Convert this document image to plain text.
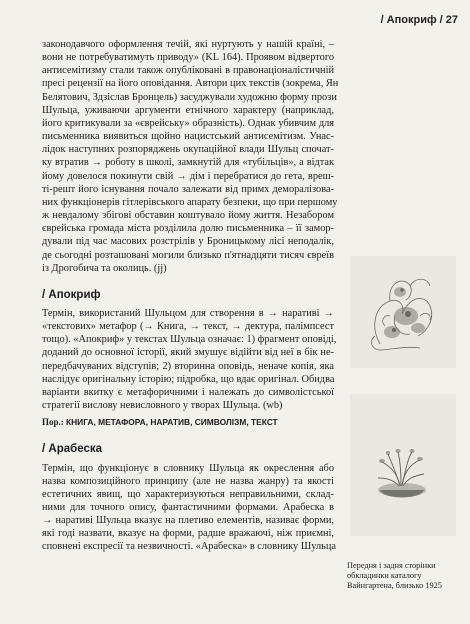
/ Апокриф / 27
законодавчого оформлення течій, які нуртують у нашій країні, –
вони не потребуватимуть приводу» (KL 164). Проявом відвертого
антисемітизму стали також опубліковані в правонаціоналістичній
пресі рецензії на його оповідання. Автори цих текстів (зокрема, Ян
Белятович, Здзіслав Бронцель) засуджували художню форму прози
Шульца, уживаючи аргументи етнічного характеру (наприклад,
його критикували за «єврейську» образність). Однак убивчим для
письменника виявиться щойно нацистський антисемітизм. Унас-
лідок наступних розпоряджень окупаційної влади Шульц спочат-
ку втратив → роботу в школі, замкнутій для «тубільців», а відтак
йому довелося покинути свій → дім і перебратися до гета, вреш-
ті-решт його існування почало залежати від примх деморалізова-
них функціонерів гітлерівського апарату безпеки, що при першому
ж невдалому збігові обставин коштувало йому життя. Незабором
єврейська громада міста розділила долю письменника – її замор-
дували під час масових розстрілів у Броницькому лісі неподалік,
де сьогодні розташовані могили близько п'ятнадцяти тисяч євреїв
із Дрогобича та околиць. (jj)
/ Апокриф
Термін, використаний Шульцом для створення в → наративі →
«текстових» метафор (→ Книга, → текст, → дектура, палімпсест
тощо). «Апокриф» у текстах Шульца означає: 1) фрагмент оповіді,
доданий до основної історії, який змушує відійти від неї в бік не-
передбачуваних відступів; 2) вторинна оповідь, неначе копія, яка
наслідує оригінальну історію; підробка, що вдає оригінал. Обидва
варіанти вкитку є метафоричними і належать до символістської
стратегії вислову невисловного у творах Шульца. (wb)
Пор.: КНИГА, МЕТАФОРА, НАРАТИВ, СИМВОЛІЗМ, ТЕКСТ
/ Арабеска
Термін, що функціонує в словнику Шульца як окреслення або
назва композиційного принципу (але не назва жанру) та якості
естетичних явищ, що характеризуються неправильними, склад-
ними для точного опису, фантастичними формами. Арабеска в
→ наративі Шульца вказує на плетиво елементів, називає форми,
які годі назвати, вказує на форми, радше вражаючі, ніж приємні,
сповнені експресії та незвичності. «Арабеска» в словнику Шульца
Передня і задня сторінки
обкладинки каталогу
Вайнгартена, близько 1925
